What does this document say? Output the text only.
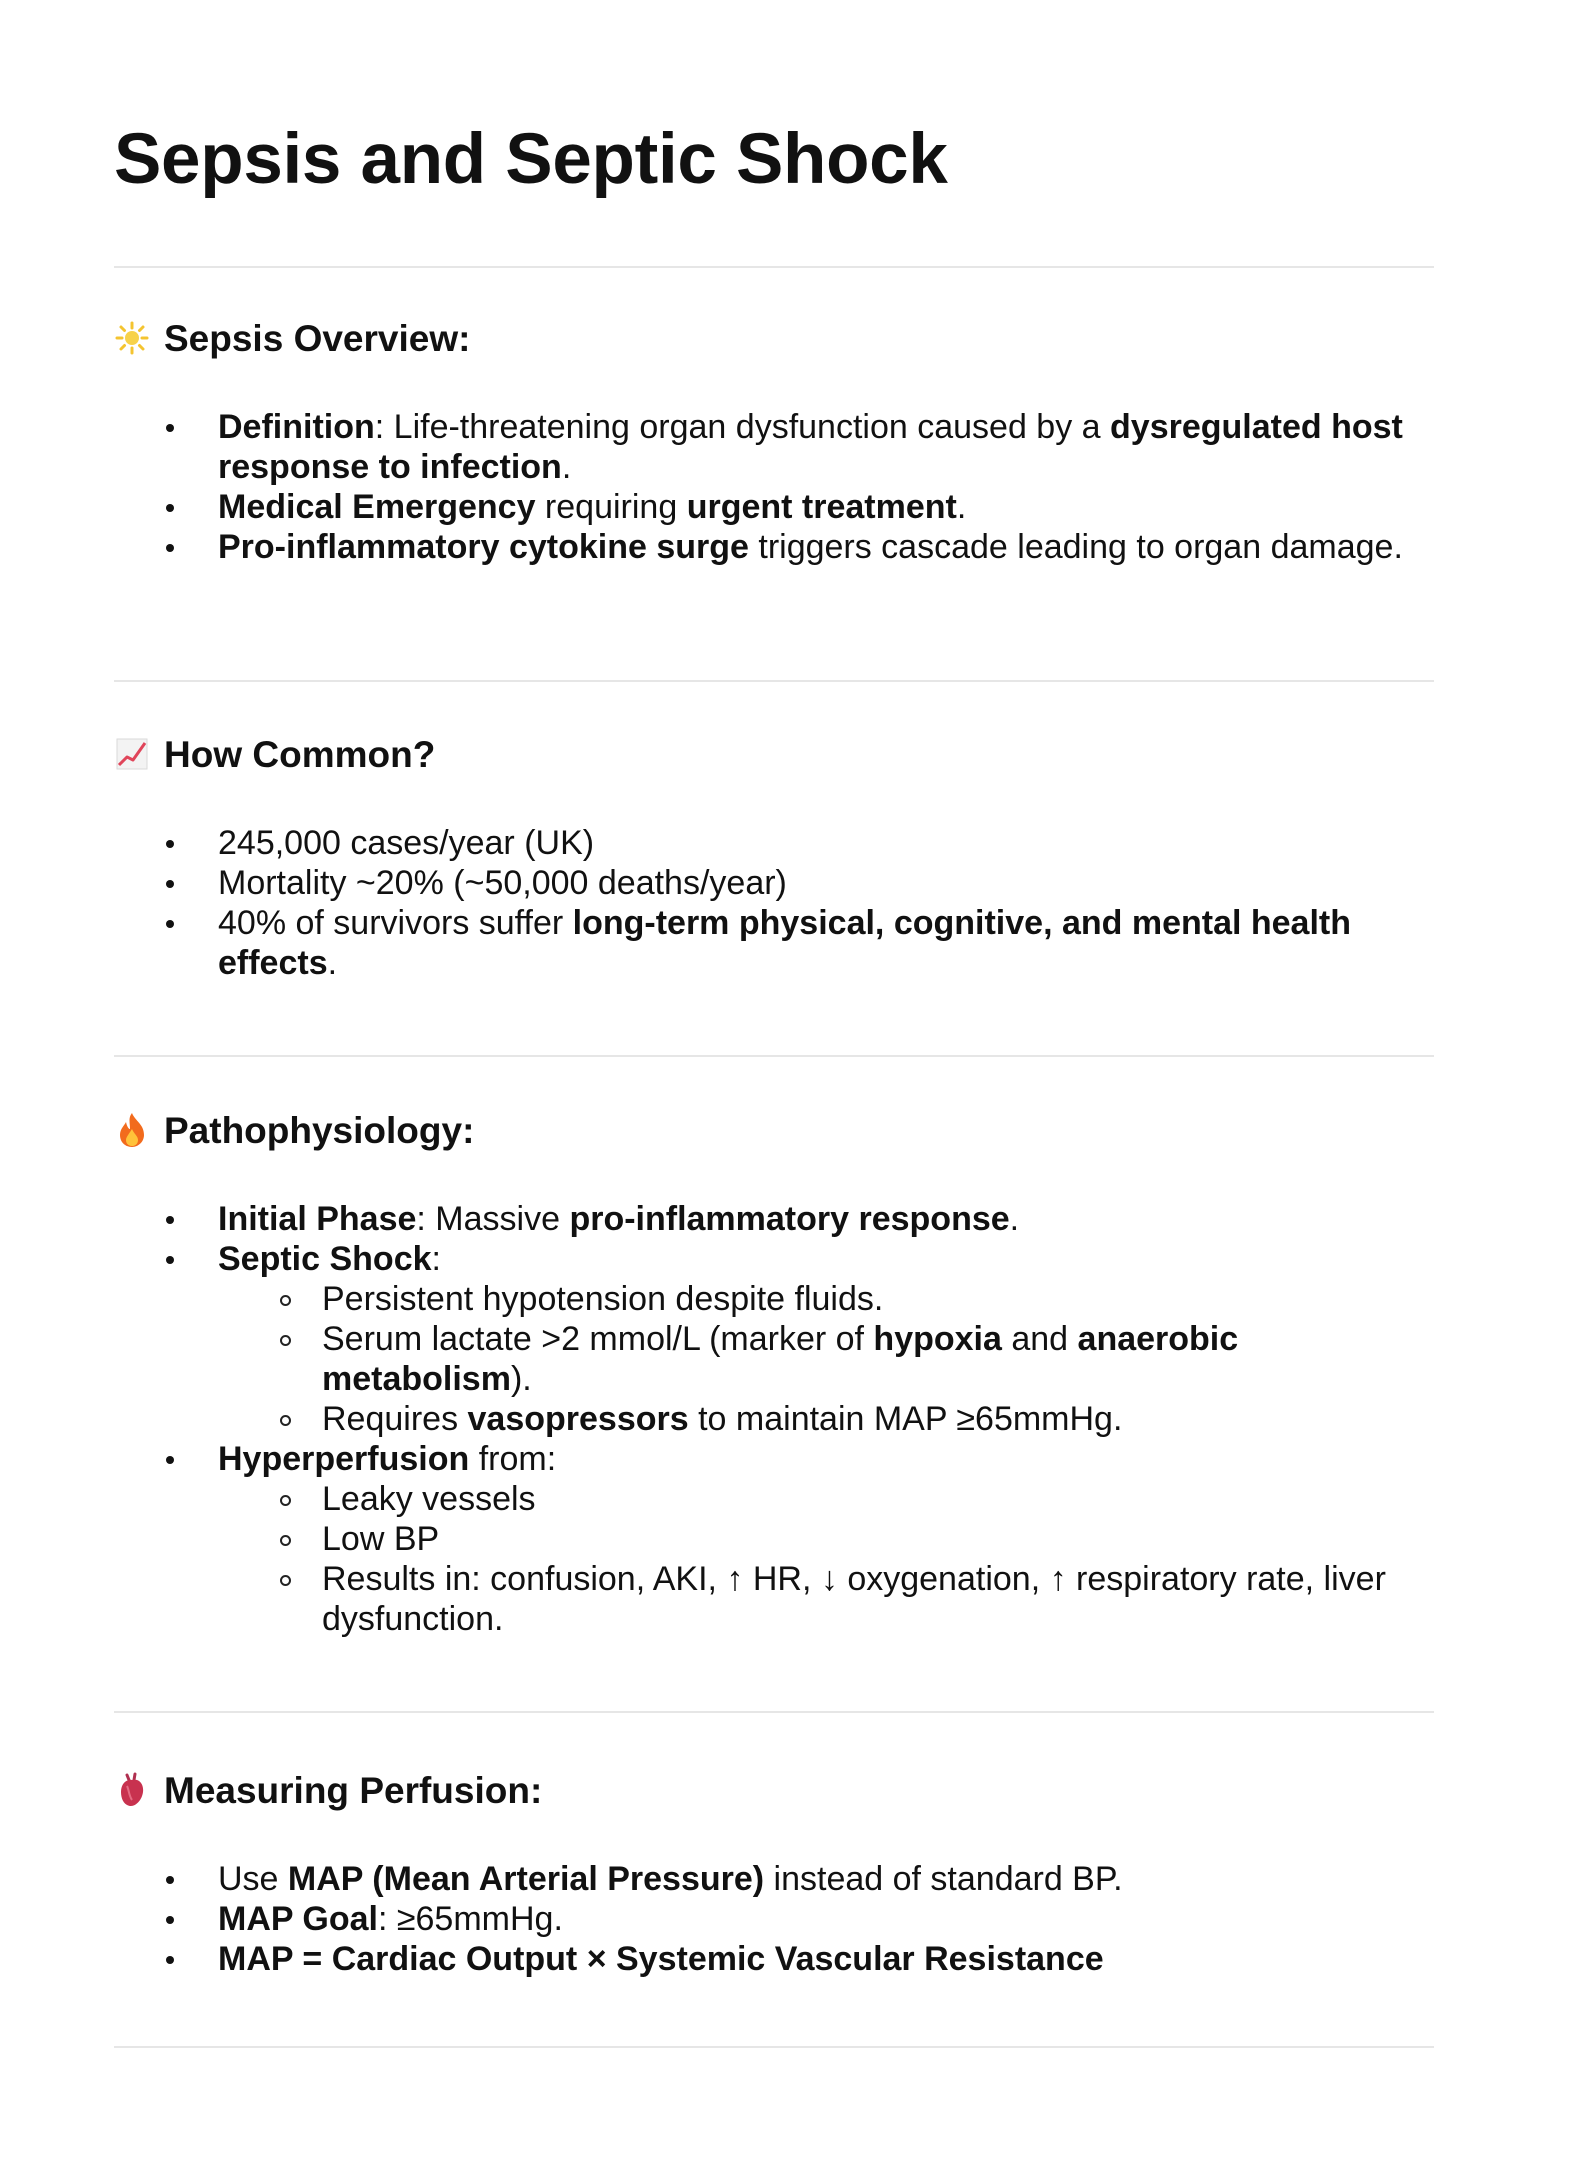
Sepsis and Septic Shock
Sepsis Overview:
Definition: Life-threatening organ dysfunction caused by a dysregulated host response to infection.
Medical Emergency requiring urgent treatment.
Pro-inflammatory cytokine surge triggers cascade leading to organ damage.
How Common?
245,000 cases/year (UK)
Mortality ~20% (~50,000 deaths/year)
40% of survivors suffer long-term physical, cognitive, and mental health effects.
Pathophysiology:
Initial Phase: Massive pro-inflammatory response.
Septic Shock:
Persistent hypotension despite fluids.
Serum lactate >2 mmol/L (marker of hypoxia and anaerobic metabolism).
Requires vasopressors to maintain MAP ≥65mmHg.
Hyperperfusion from:
Leaky vessels
Low BP
Results in: confusion, AKI, ↑ HR, ↓ oxygenation, ↑ respiratory rate, liver dysfunction.
Measuring Perfusion:
Use MAP (Mean Arterial Pressure) instead of standard BP.
MAP Goal: ≥65mmHg.
MAP = Cardiac Output × Systemic Vascular Resistance
